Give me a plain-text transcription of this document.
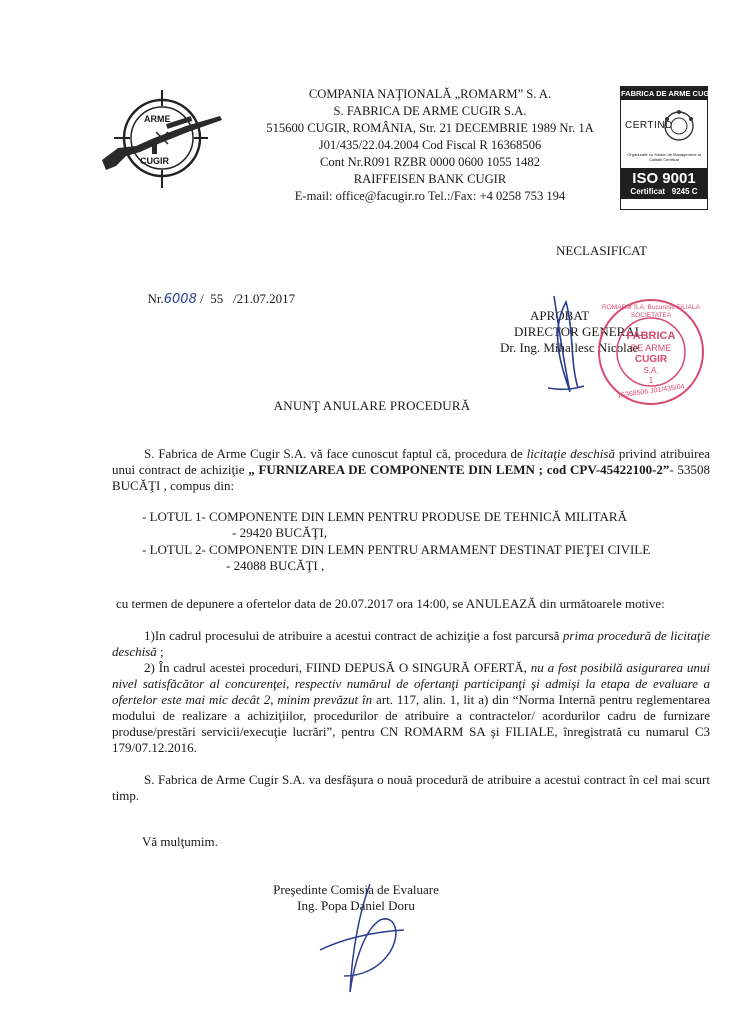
ARME
CUGIR
COMPANIA NAŢIONALĂ „ROMARM” S. A.
S. FABRICA DE ARME CUGIR S.A.
515600 CUGIR, ROMÂNIA, Str. 21 DECEMBRIE 1989 Nr. 1A
J01/435/22.04.2004 Cod Fiscal R 16368506
Cont Nr.R091 RZBR 0000 0600 1055 1482
RAIFFEISEN BANK CUGIR
E-mail: office@facugir.ro Tel.:/Fax: +4 0258 753 194
FABRICA DE ARME CUGIR
CERTIND
Organizatie cu Sistem de Management al Calitatii Certificat
ISO 9001
Certificat   9245 C
NECLASIFICAT

Nr.6008 /  55   /21.07.2017

APROBAT
DIRECTOR GENERAL
Dr. Ing. Mihailesc Nicolae
ROMARM S.A. Bucureşti FILIALA SOCIETATEA
FABRICA
DE ARME
CUGIR
S.A.
1
16368506 J01/435/04
ANUNŢ ANULARE PROCEDURĂ
S. Fabrica de Arme Cugir S.A. vă face cunoscut faptul că, procedura de licitaţie deschisă privind atribuirea unui contract de achiziţie „ FURNIZAREA DE COMPONENTE DIN LEMN ; cod CPV-45422100-2”- 53508 BUCĂŢI , compus din:
- LOTUL 1- COMPONENTE DIN LEMN PENTRU PRODUSE DE TEHNICĂ MILITARĂ
- 29420 BUCĂŢI,
- LOTUL 2- COMPONENTE DIN LEMN PENTRU ARMAMENT DESTINAT PIEŢEI CIVILE
- 24088 BUCĂŢI ,
cu termen de depunere a ofertelor data de 20.07.2017 ora 14:00, se ANULEAZĂ din următoarele motive:
1)In cadrul procesului de atribuire a acestui contract de achiziţie a fost parcursă prima procedură de licitaţie deschisă ;
2) În cadrul acestei proceduri, FIIND DEPUSĂ O SINGURĂ OFERTĂ, nu a fost posibilă asigurarea unui nivel satisfăcător al concurenţei, respectiv numărul de ofertanţi participanţi şi admişi la etapa de evaluare a ofertelor este mai mic decât 2, minim prevăzut în art. 117, alin. 1, lit a) din “Norma Internă pentru reglementarea modului de realizare a achiziţiilor, procedurilor de atribuire a contractelor/ acordurilor cadru de furnizare produse/prestări servicii/execuţie lucrări”, pentru CN ROMARM SA şi FILIALE, înregistrată cu numarul C3 179/07.12.2016.
S. Fabrica de Arme Cugir S.A. va desfăşura o nouă procedură de atribuire a acestui contract în cel mai scurt timp.
Vă mulţumim.
Preşedinte Comisia de Evaluare
Ing. Popa Daniel Doru
